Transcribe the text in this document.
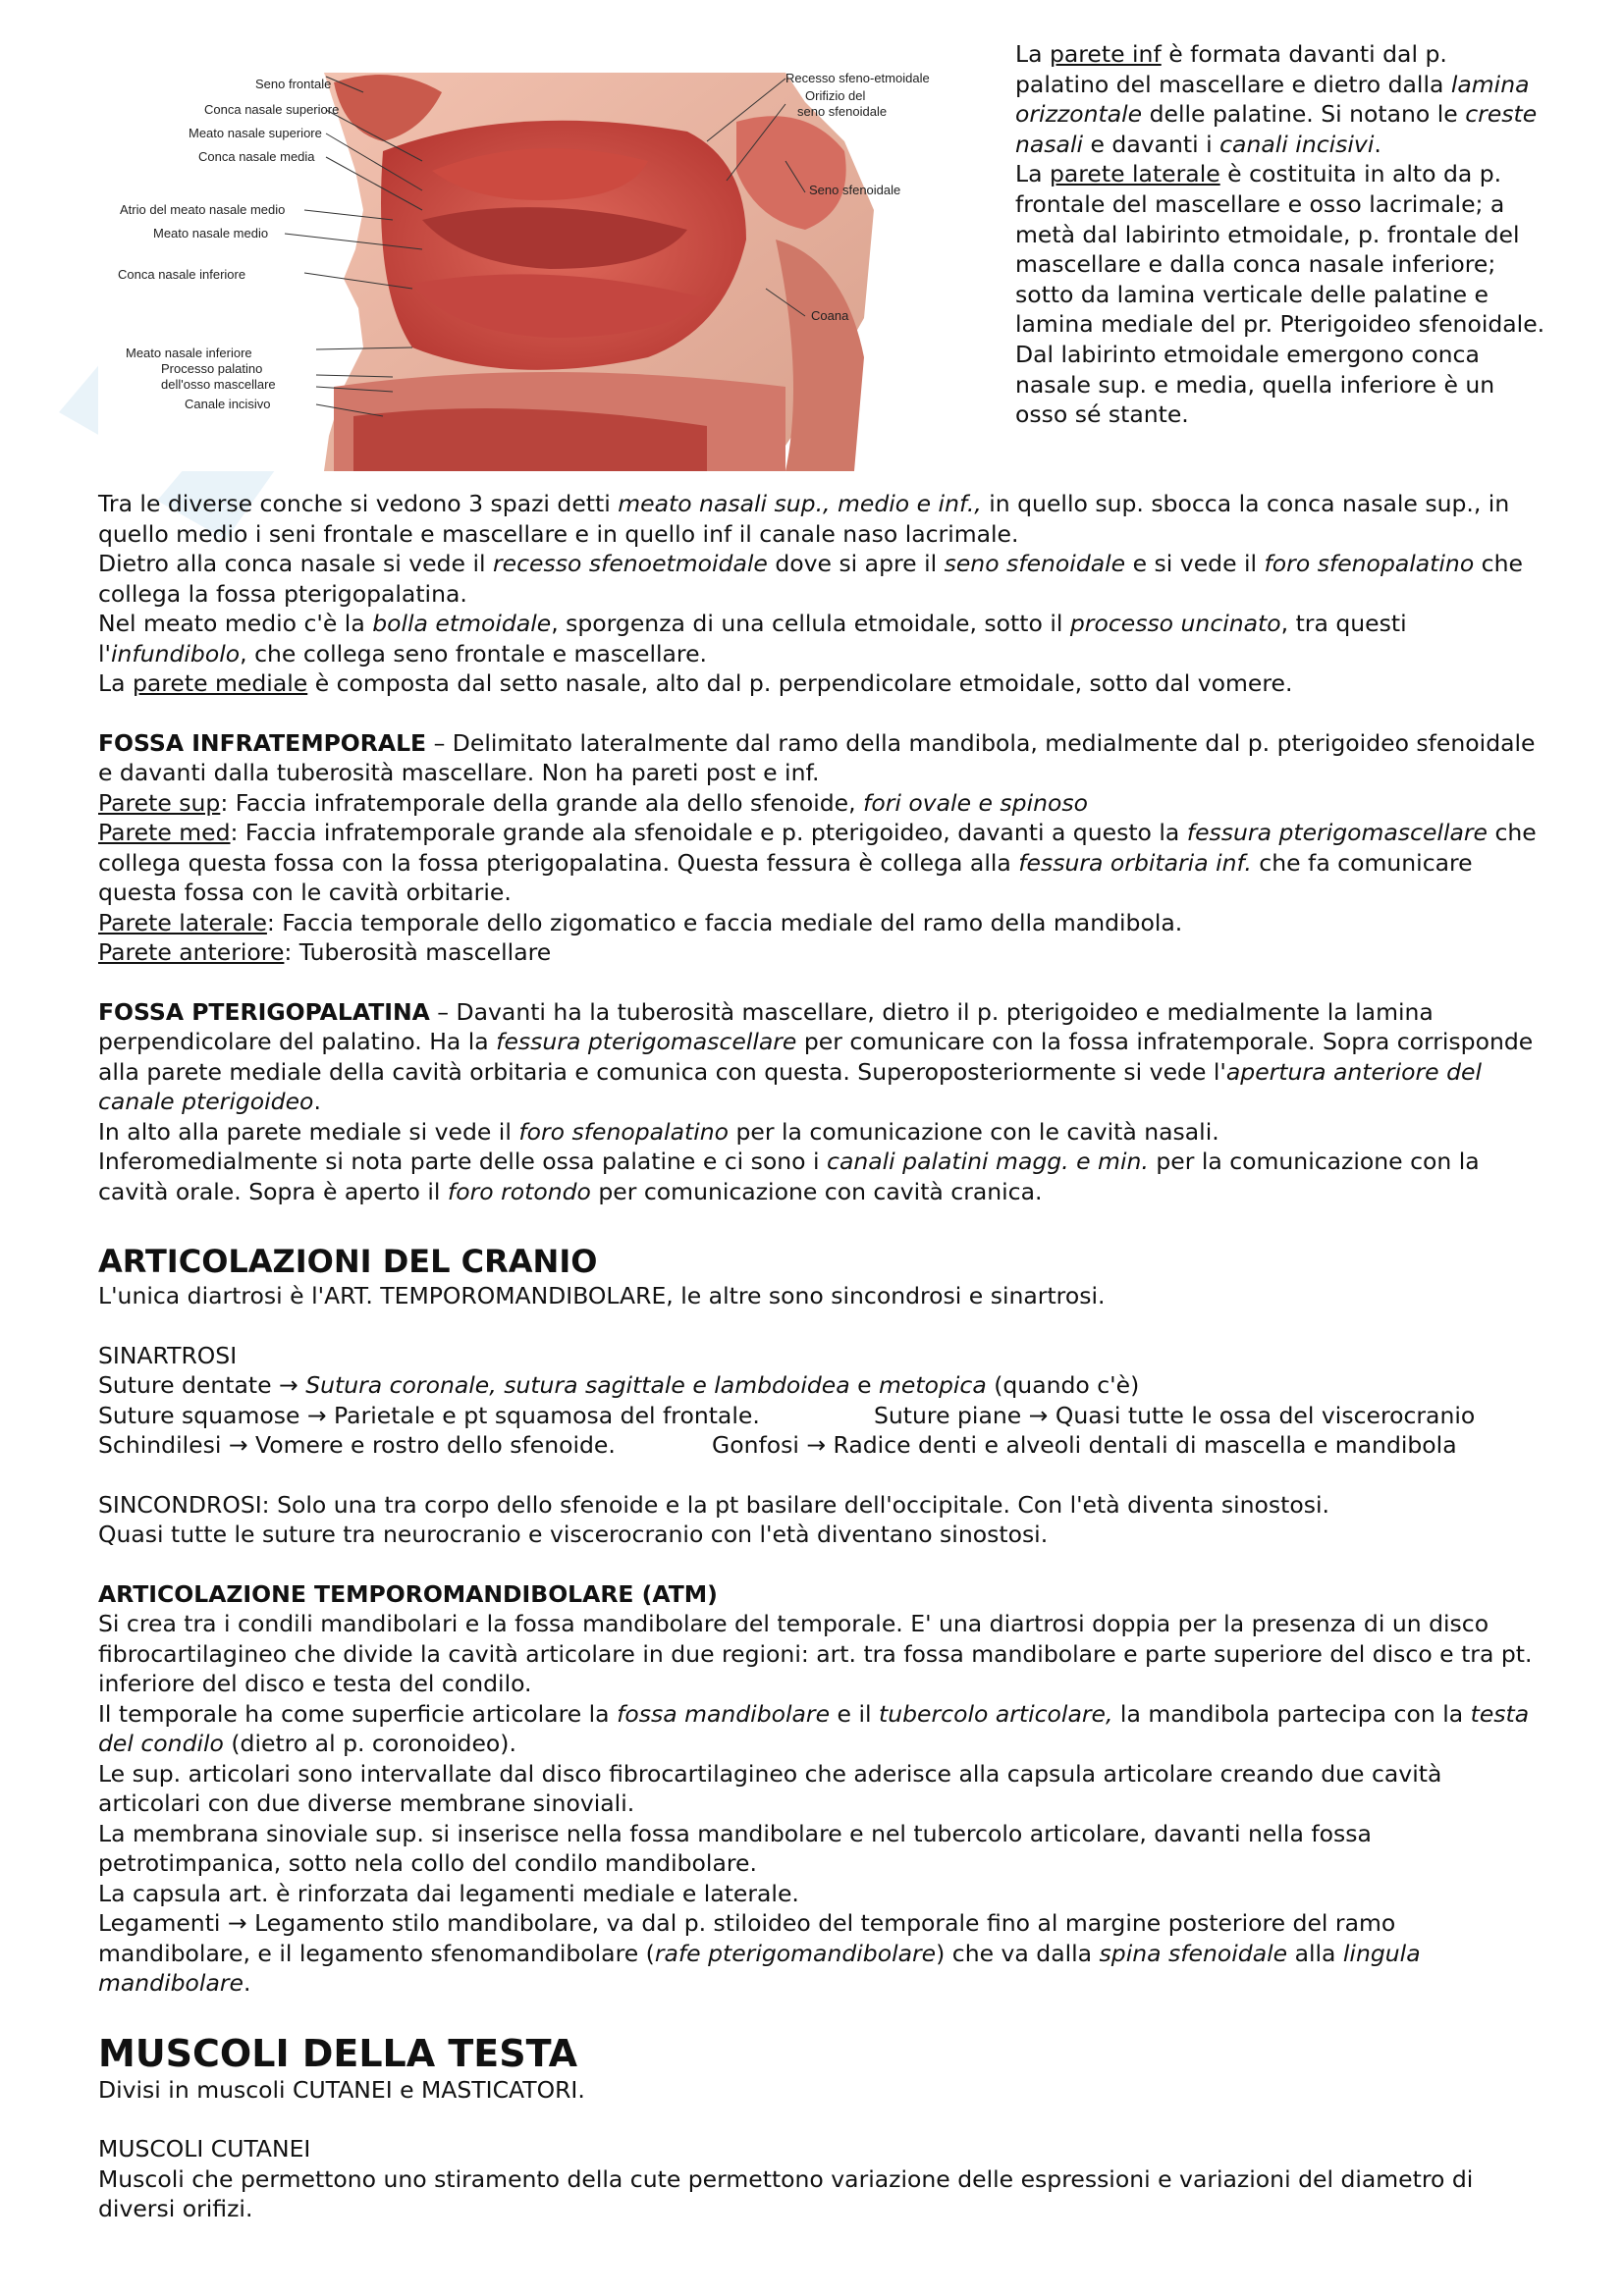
Seno frontale
Conca nasale superiore
Meato nasale superiore
Conca nasale media
Atrio del meato nasale medio
Meato nasale medio
Conca nasale inferiore
Meato nasale inferiore
Processo palatino
dell'osso mascellare
Canale incisivo
Recesso sfeno-etmoidale
Orifizio del
seno sfenoidale
Seno sfenoidale
Coana

La parete inf è formata davanti dal p. palatino del mascellare e dietro dalla lamina orizzontale delle palatine. Si notano le creste nasali e davanti i canali incisivi.

La parete laterale è costituita in alto da p. frontale del mascellare e osso lacrimale; a metà dal labirinto etmoidale, p. frontale del mascellare e dalla conca nasale inferiore; sotto da lamina verticale delle palatine e lamina mediale del pr. Pterigoideo sfenoidale.

Dal labirinto etmoidale emergono conca nasale sup. e media, quella inferiore è un osso sé stante.

Tra le diverse conche si vedono 3 spazi detti meato nasali sup., medio e inf., in quello sup. sbocca la conca nasale sup., in quello medio i seni frontale e mascellare e in quello inf il canale naso lacrimale.

Dietro alla conca nasale si vede il recesso sfenoetmoidale dove si apre il seno sfenoidale e si vede il foro sfenopalatino che collega la fossa pterigopalatina.

Nel meato medio c'è la bolla etmoidale, sporgenza di una cellula etmoidale, sotto il processo uncinato, tra questi l'infundibolo, che collega seno frontale e mascellare.

La parete mediale è composta dal setto nasale, alto dal p. perpendicolare etmoidale, sotto dal vomere.

FOSSA INFRATEMPORALE – Delimitato lateralmente dal ramo della mandibola, medialmente dal p. pterigoideo sfenoidale e davanti dalla tuberosità mascellare. Non ha pareti post e inf.

Parete sup: Faccia infratemporale della grande ala dello sfenoide, fori ovale e spinoso

Parete med: Faccia infratemporale grande ala sfenoidale e p. pterigoideo, davanti a questo la fessura pterigomascellare che collega questa fossa con la fossa pterigopalatina. Questa fessura è collega alla fessura orbitaria inf. che fa comunicare questa fossa con le cavità orbitarie.

Parete laterale: Faccia temporale dello zigomatico e faccia mediale del ramo della mandibola.

Parete anteriore: Tuberosità mascellare

FOSSA PTERIGOPALATINA – Davanti ha la tuberosità mascellare, dietro il p. pterigoideo e medialmente la lamina perpendicolare del palatino. Ha la fessura pterigomascellare per comunicare con la fossa infratemporale. Sopra corrisponde alla parete mediale della cavità orbitaria e comunica con questa. Superoposteriormente si vede l'apertura anteriore del canale pterigoideo.

In alto alla parete mediale si vede il foro sfenopalatino per la comunicazione con le cavità nasali.

Inferomedialmente si nota parte delle ossa palatine e ci sono i canali palatini magg. e min. per la comunicazione con la cavità orale. Sopra è aperto il foro rotondo per comunicazione con cavità cranica.

ARTICOLAZIONI DEL CRANIO

L'unica diartrosi è l'ART. TEMPOROMANDIBOLARE, le altre sono sincondrosi e sinartrosi.

SINARTROSI

Suture dentate → Sutura coronale, sutura sagittale e lambdoidea e metopica (quando c'è)

Suture squamose → Parietale e pt squamosa del frontale.	Suture piane → Quasi tutte le ossa del viscerocranio

Schindilesi → Vomere e rostro dello sfenoide.	Gonfosi → Radice denti e alveoli dentali di mascella e mandibola

SINCONDROSI: Solo una tra corpo dello sfenoide e la pt basilare dell'occipitale. Con l'età diventa sinostosi.

Quasi tutte le suture tra neurocranio e viscerocranio con l'età diventano sinostosi.

ARTICOLAZIONE TEMPOROMANDIBOLARE (ATM)

Si crea tra i condili mandibolari e la fossa mandibolare del temporale. E' una diartrosi doppia per la presenza di un disco fibrocartilagineo che divide la cavità articolare in due regioni: art. tra fossa mandibolare e parte superiore del disco e tra pt. inferiore del disco e testa del condilo.

Il temporale ha come superficie articolare la fossa mandibolare e il tubercolo articolare, la mandibola partecipa con la testa del condilo (dietro al p. coronoideo).

Le sup. articolari sono intervallate dal disco fibrocartilagineo che aderisce alla capsula articolare creando due cavità articolari con due diverse membrane sinoviali.

La membrana sinoviale sup. si inserisce nella fossa mandibolare e nel tubercolo articolare, davanti nella fossa petrotimpanica, sotto nela collo del condilo mandibolare.

La capsula art. è rinforzata dai legamenti mediale e laterale.

Legamenti → Legamento stilo mandibolare, va dal p. stiloideo del temporale fino al margine posteriore del ramo mandibolare, e il legamento sfenomandibolare (rafe pterigomandibolare) che va dalla spina sfenoidale alla lingula mandibolare.

MUSCOLI DELLA TESTA

Divisi in muscoli CUTANEI e MASTICATORI.

MUSCOLI CUTANEI

Muscoli che permettono uno stiramento della cute permettono variazione delle espressioni e variazioni del diametro di diversi orifizi.
